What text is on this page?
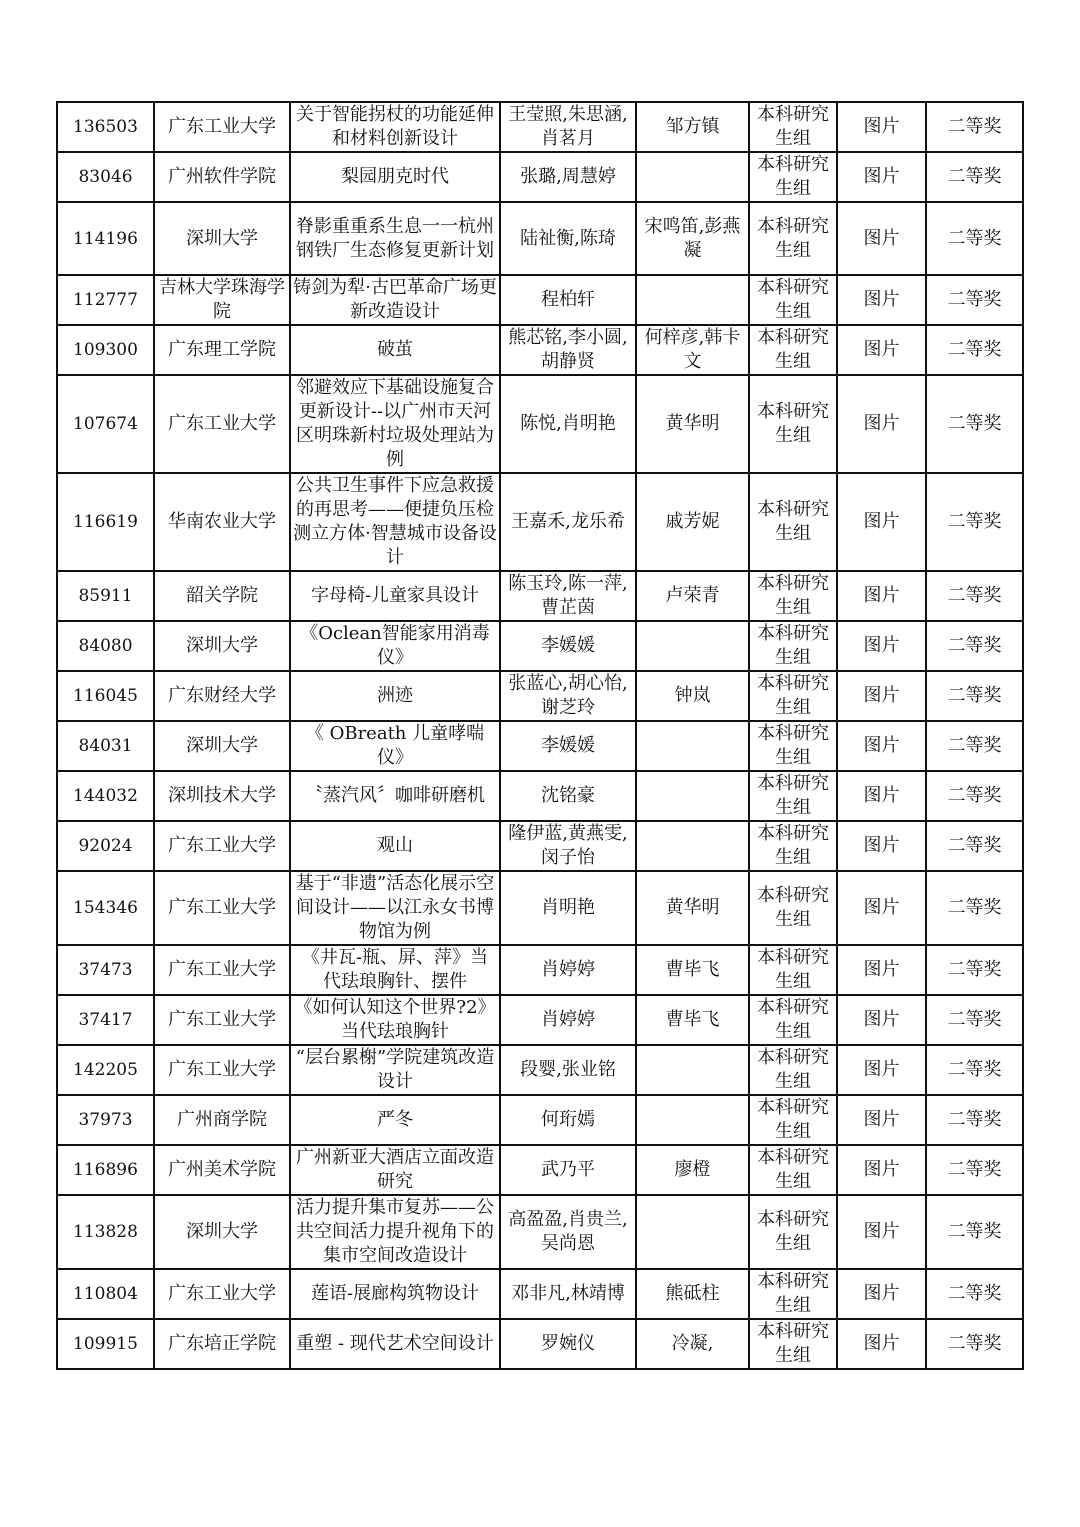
136503	广东工业大学	关于智能拐杖的功能延伸和材料创新设计	王莹照,朱思涵,肖茗月	邹方镇	本科研究生组	图片	二等奖
83046	广州软件学院	梨园朋克时代	张璐,周慧婷		本科研究生组	图片	二等奖
114196	深圳大学	脊影重重系生息一一杭州钢铁厂生态修复更新计划	陆祉衡,陈琦	宋鸣笛,彭燕凝	本科研究生组	图片	二等奖
112777	吉林大学珠海学院	铸剑为犁·古巴革命广场更新改造设计	程柏轩		本科研究生组	图片	二等奖
109300	广东理工学院	破茧	熊芯铭,李小圆,胡静贤	何梓彦,韩卡文	本科研究生组	图片	二等奖
107674	广东工业大学	邻避效应下基础设施复合更新设计--以广州市天河区明珠新村垃圾处理站为例	陈悦,肖明艳	黄华明	本科研究生组	图片	二等奖
116619	华南农业大学	公共卫生事件下应急救援的再思考——便捷负压检测立方体·智慧城市设备设计	王嘉禾,龙乐希	戚芳妮	本科研究生组	图片	二等奖
85911	韶关学院	字母椅-儿童家具设计	陈玉玲,陈一萍,曹芷茵	卢荣青	本科研究生组	图片	二等奖
84080	深圳大学	《Oclean智能家用消毒仪》	李媛媛		本科研究生组	图片	二等奖
116045	广东财经大学	洲迹	张蓝心,胡心怡,谢芝玲	钟岚	本科研究生组	图片	二等奖
84031	深圳大学	《 OBreath 儿童哮喘仪》	李媛媛		本科研究生组	图片	二等奖
144032	深圳技术大学	〝蒸汽风〞咖啡研磨机	沈铭豪		本科研究生组	图片	二等奖
92024	广东工业大学	观山	隆伊蓝,黄燕雯,闵子怡		本科研究生组	图片	二等奖
154346	广东工业大学	基于“非遗”活态化展示空间设计——以江永女书博物馆为例	肖明艳	黄华明	本科研究生组	图片	二等奖
37473	广东工业大学	《井瓦-瓶、屏、萍》当代珐琅胸针、摆件	肖婷婷	曹毕飞	本科研究生组	图片	二等奖
37417	广东工业大学	《如何认知这个世界?2》当代珐琅胸针	肖婷婷	曹毕飞	本科研究生组	图片	二等奖
142205	广东工业大学	“层台累榭”学院建筑改造设计	段婴,张业铭		本科研究生组	图片	二等奖
37973	广州商学院	严冬	何珩嫣		本科研究生组	图片	二等奖
116896	广州美术学院	广州新亚大酒店立面改造研究	武乃平	廖橙	本科研究生组	图片	二等奖
113828	深圳大学	活力提升集市复苏——公共空间活力提升视角下的集市空间改造设计	高盈盈,肖贵兰,吴尚恩		本科研究生组	图片	二等奖
110804	广东工业大学	莲语-展廊构筑物设计	邓非凡,林靖博	熊砥柱	本科研究生组	图片	二等奖
109915	广东培正学院	重塑 - 现代艺术空间设计	罗婉仪	冷凝,	本科研究生组	图片	二等奖
